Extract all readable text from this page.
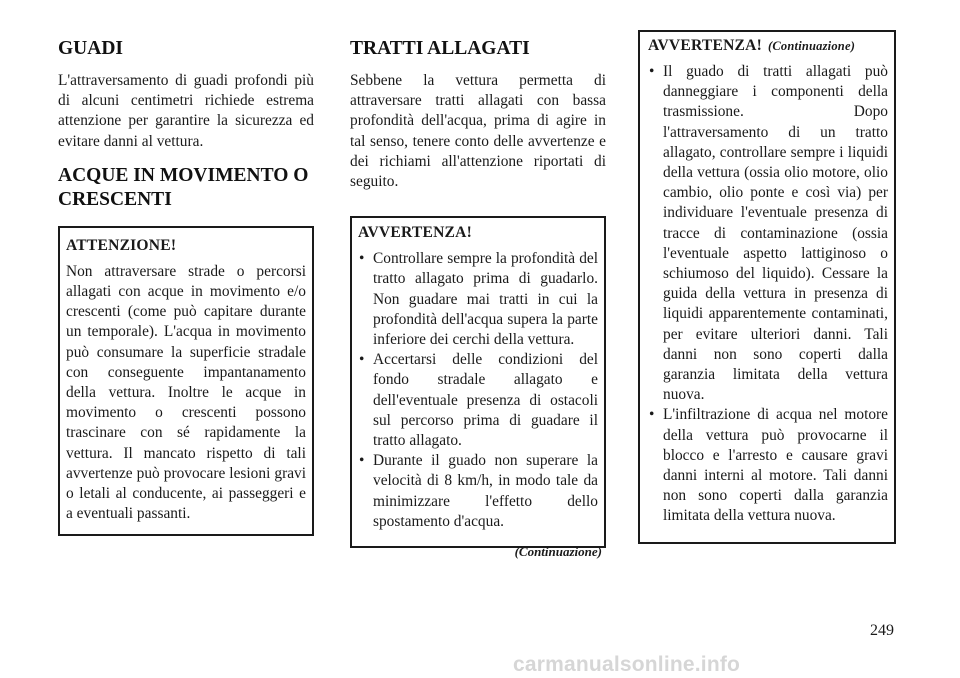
GUADI

L'attraversamento di guadi profondi più di alcuni centimetri richiede estrema attenzione per garantire la sicurezza ed evitare danni al vettura.

ACQUE IN MOVIMENTO O
CRESCENTI
ATTENZIONE!

Non attraversare strade o percorsi allagati con acque in movimento e/o crescenti (come può capitare durante un temporale). L'acqua in movimento può consumare la superficie stradale con conseguente impantanamento della vettura. Inoltre le acque in movimento o crescenti possono trascinare con sé rapidamente la vettura. Il mancato rispetto di tali avvertenze può provocare lesioni gravi o letali al conducente, ai passeggeri e a eventuali passanti.

TRATTI ALLAGATI

Sebbene la vettura permetta di attraversare tratti allagati con bassa profondità dell'acqua, prima di agire in tal senso, tenere conto delle avvertenze e dei richiami all'attenzione riportati di seguito.

AVVERTENZA!
• Controllare sempre la profondità del tratto allagato prima di guadarlo. Non guadare mai tratti in cui la profondità dell'acqua supera la parte inferiore dei cerchi della vettura.
• Accertarsi delle condizioni del fondo stradale allagato e dell'eventuale presenza di ostacoli sul percorso prima di guadare il tratto allagato.
• Durante il guado non superare la velocità di 8 km/h, in modo tale da minimizzare l'effetto dello spostamento d'acqua.
(Continuazione)
AVVERTENZA! (Continuazione)
• Il guado di tratti allagati può danneggiare i componenti della trasmissione. Dopo l'attraversamento di un tratto allagato, controllare sempre i liquidi della vettura (ossia olio motore, olio cambio, olio ponte e così via) per individuare l'eventuale presenza di tracce di contaminazione (ossia l'eventuale aspetto lattiginoso o schiumoso del liquido). Cessare la guida della vettura in presenza di liquidi apparentemente contaminati, per evitare ulteriori danni. Tali danni non sono coperti dalla garanzia limitata della vettura nuova.
• L'infiltrazione di acqua nel motore della vettura può provocarne il blocco e l'arresto e causare gravi danni interni al motore. Tali danni non sono coperti dalla garanzia limitata della vettura nuova.
249
carmanualsonline.info
